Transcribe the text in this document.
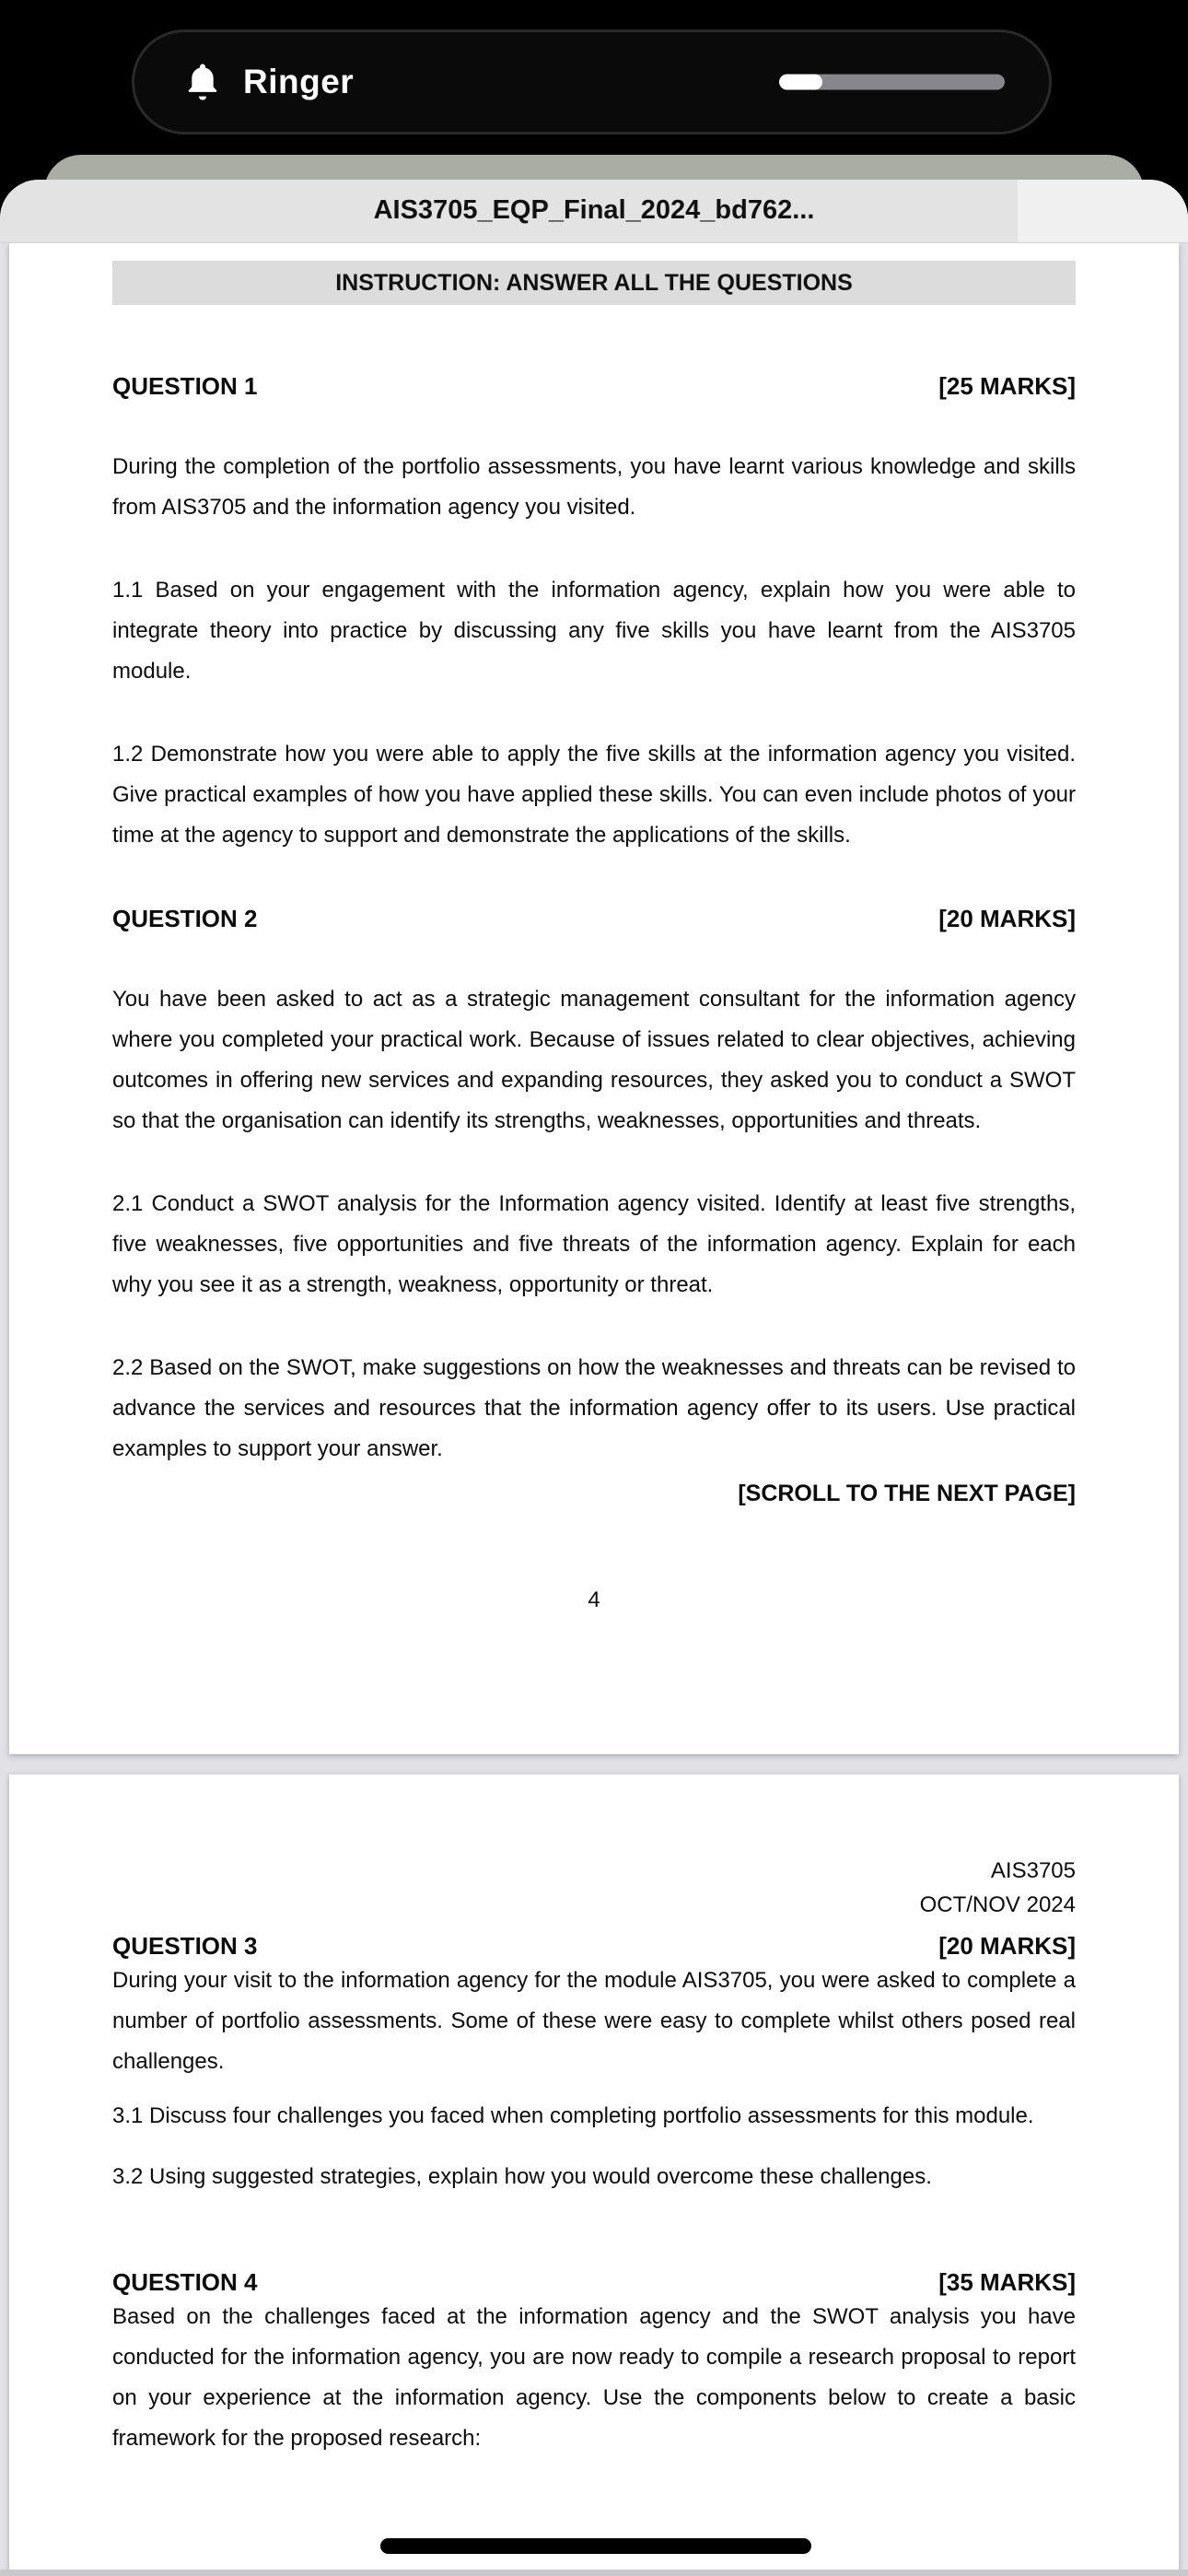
Ringer
AIS3705_EQP_Final_2024_bd762...
INSTRUCTION: ANSWER ALL THE QUESTIONS
QUESTION 1	[25 MARKS]

During the completion of the portfolio assessments, you have learnt various knowledge and skills from AIS3705 and the information agency you visited.

1.1 Based on your engagement with the information agency, explain how you were able to integrate theory into practice by discussing any five skills you have learnt from the AIS3705 module.

1.2 Demonstrate how you were able to apply the five skills at the information agency you visited. Give practical examples of how you have applied these skills. You can even include photos of your time at the agency to support and demonstrate the applications of the skills.

QUESTION 2	[20 MARKS]

You have been asked to act as a strategic management consultant for the information agency where you completed your practical work. Because of issues related to clear objectives, achieving outcomes in offering new services and expanding resources, they asked you to conduct a SWOT so that the organisation can identify its strengths, weaknesses, opportunities and threats.

2.1 Conduct a SWOT analysis for the Information agency visited. Identify at least five strengths, five weaknesses, five opportunities and five threats of the information agency. Explain for each why you see it as a strength, weakness, opportunity or threat.

2.2 Based on the SWOT, make suggestions on how the weaknesses and threats can be revised to advance the services and resources that the information agency offer to its users. Use practical examples to support your answer.

[SCROLL TO THE NEXT PAGE]

4

AIS3705

OCT/NOV 2024

QUESTION 3	[20 MARKS]

During your visit to the information agency for the module AIS3705, you were asked to complete a number of portfolio assessments. Some of these were easy to complete whilst others posed real challenges.

3.1 Discuss four challenges you faced when completing portfolio assessments for this module.

3.2 Using suggested strategies, explain how you would overcome these challenges.

QUESTION 4	[35 MARKS]

Based on the challenges faced at the information agency and the SWOT analysis you have conducted for the information agency, you are now ready to compile a research proposal to report on your experience at the information agency. Use the components below to create a basic framework for the proposed research:
